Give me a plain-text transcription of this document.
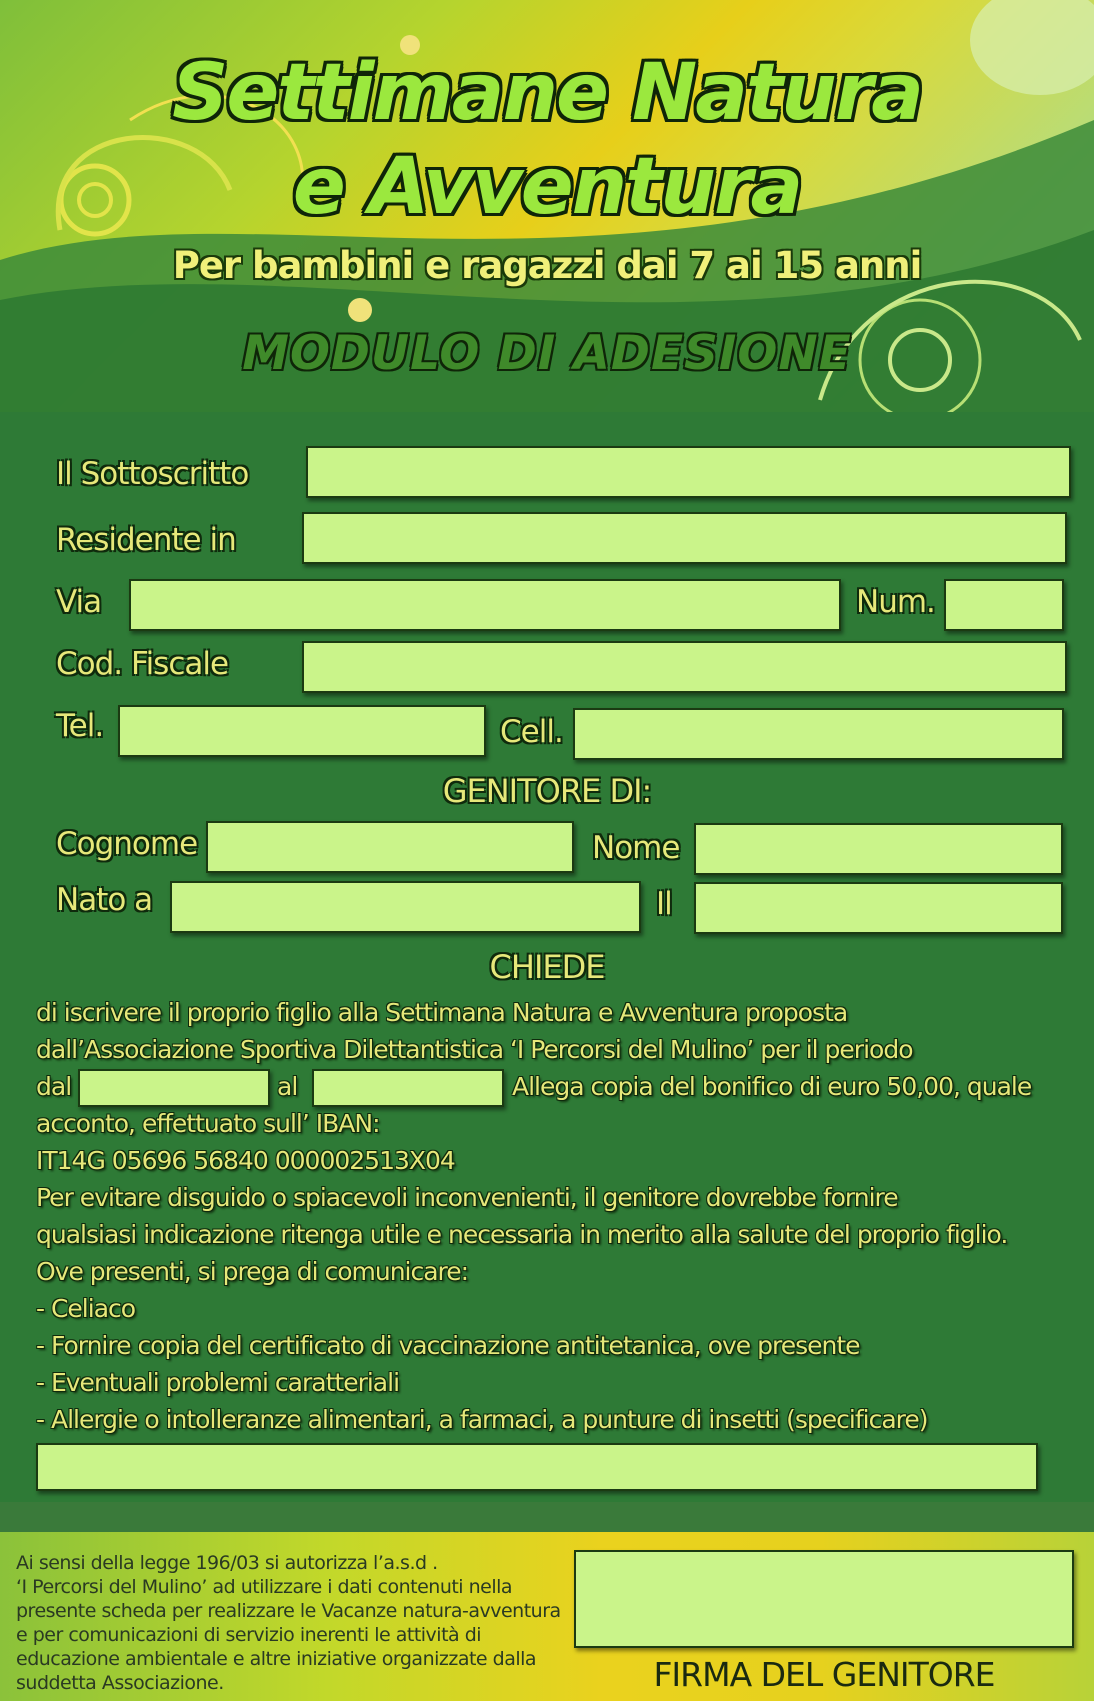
Settimane Natura
e Avventura
Per bambini e ragazzi dai 7 ai 15 anni
MODULO DI ADESIONE
Il Sottoscritto
Residente in
Via	Num.
Cod. Fiscale
Tel.	Cell.
GENITORE DI:
Cognome	Nome
Nato a	Il
CHIEDE
di iscrivere il proprio figlio alla Settimana Natura e Avventura proposta
dall’Associazione Sportiva Dilettantistica ‘I Percorsi del Mulino’ per il periodo
dal	al	Allega copia del bonifico di euro 50,00, quale
acconto, effettuato sull’ IBAN:
IT14G 05696 56840 000002513X04
Per evitare disguido o spiacevoli inconvenienti, il genitore dovrebbe fornire
qualsiasi indicazione ritenga utile e necessaria in merito alla salute del proprio figlio.
Ove presenti, si prega di comunicare:
- Celiaco
- Fornire copia del certificato di vaccinazione antitetanica, ove presente
- Eventuali problemi caratteriali
- Allergie o intolleranze alimentari, a farmaci, a punture di insetti (specificare)
Ai sensi della legge 196/03 si autorizza l’a.s.d .
‘I Percorsi del Mulino’ ad utilizzare i dati contenuti nella
presente scheda per realizzare le Vacanze natura-avventura
e per comunicazioni di servizio inerenti le attività di
educazione ambientale e altre iniziative organizzate dalla
suddetta Associazione.	FIRMA DEL GENITORE
